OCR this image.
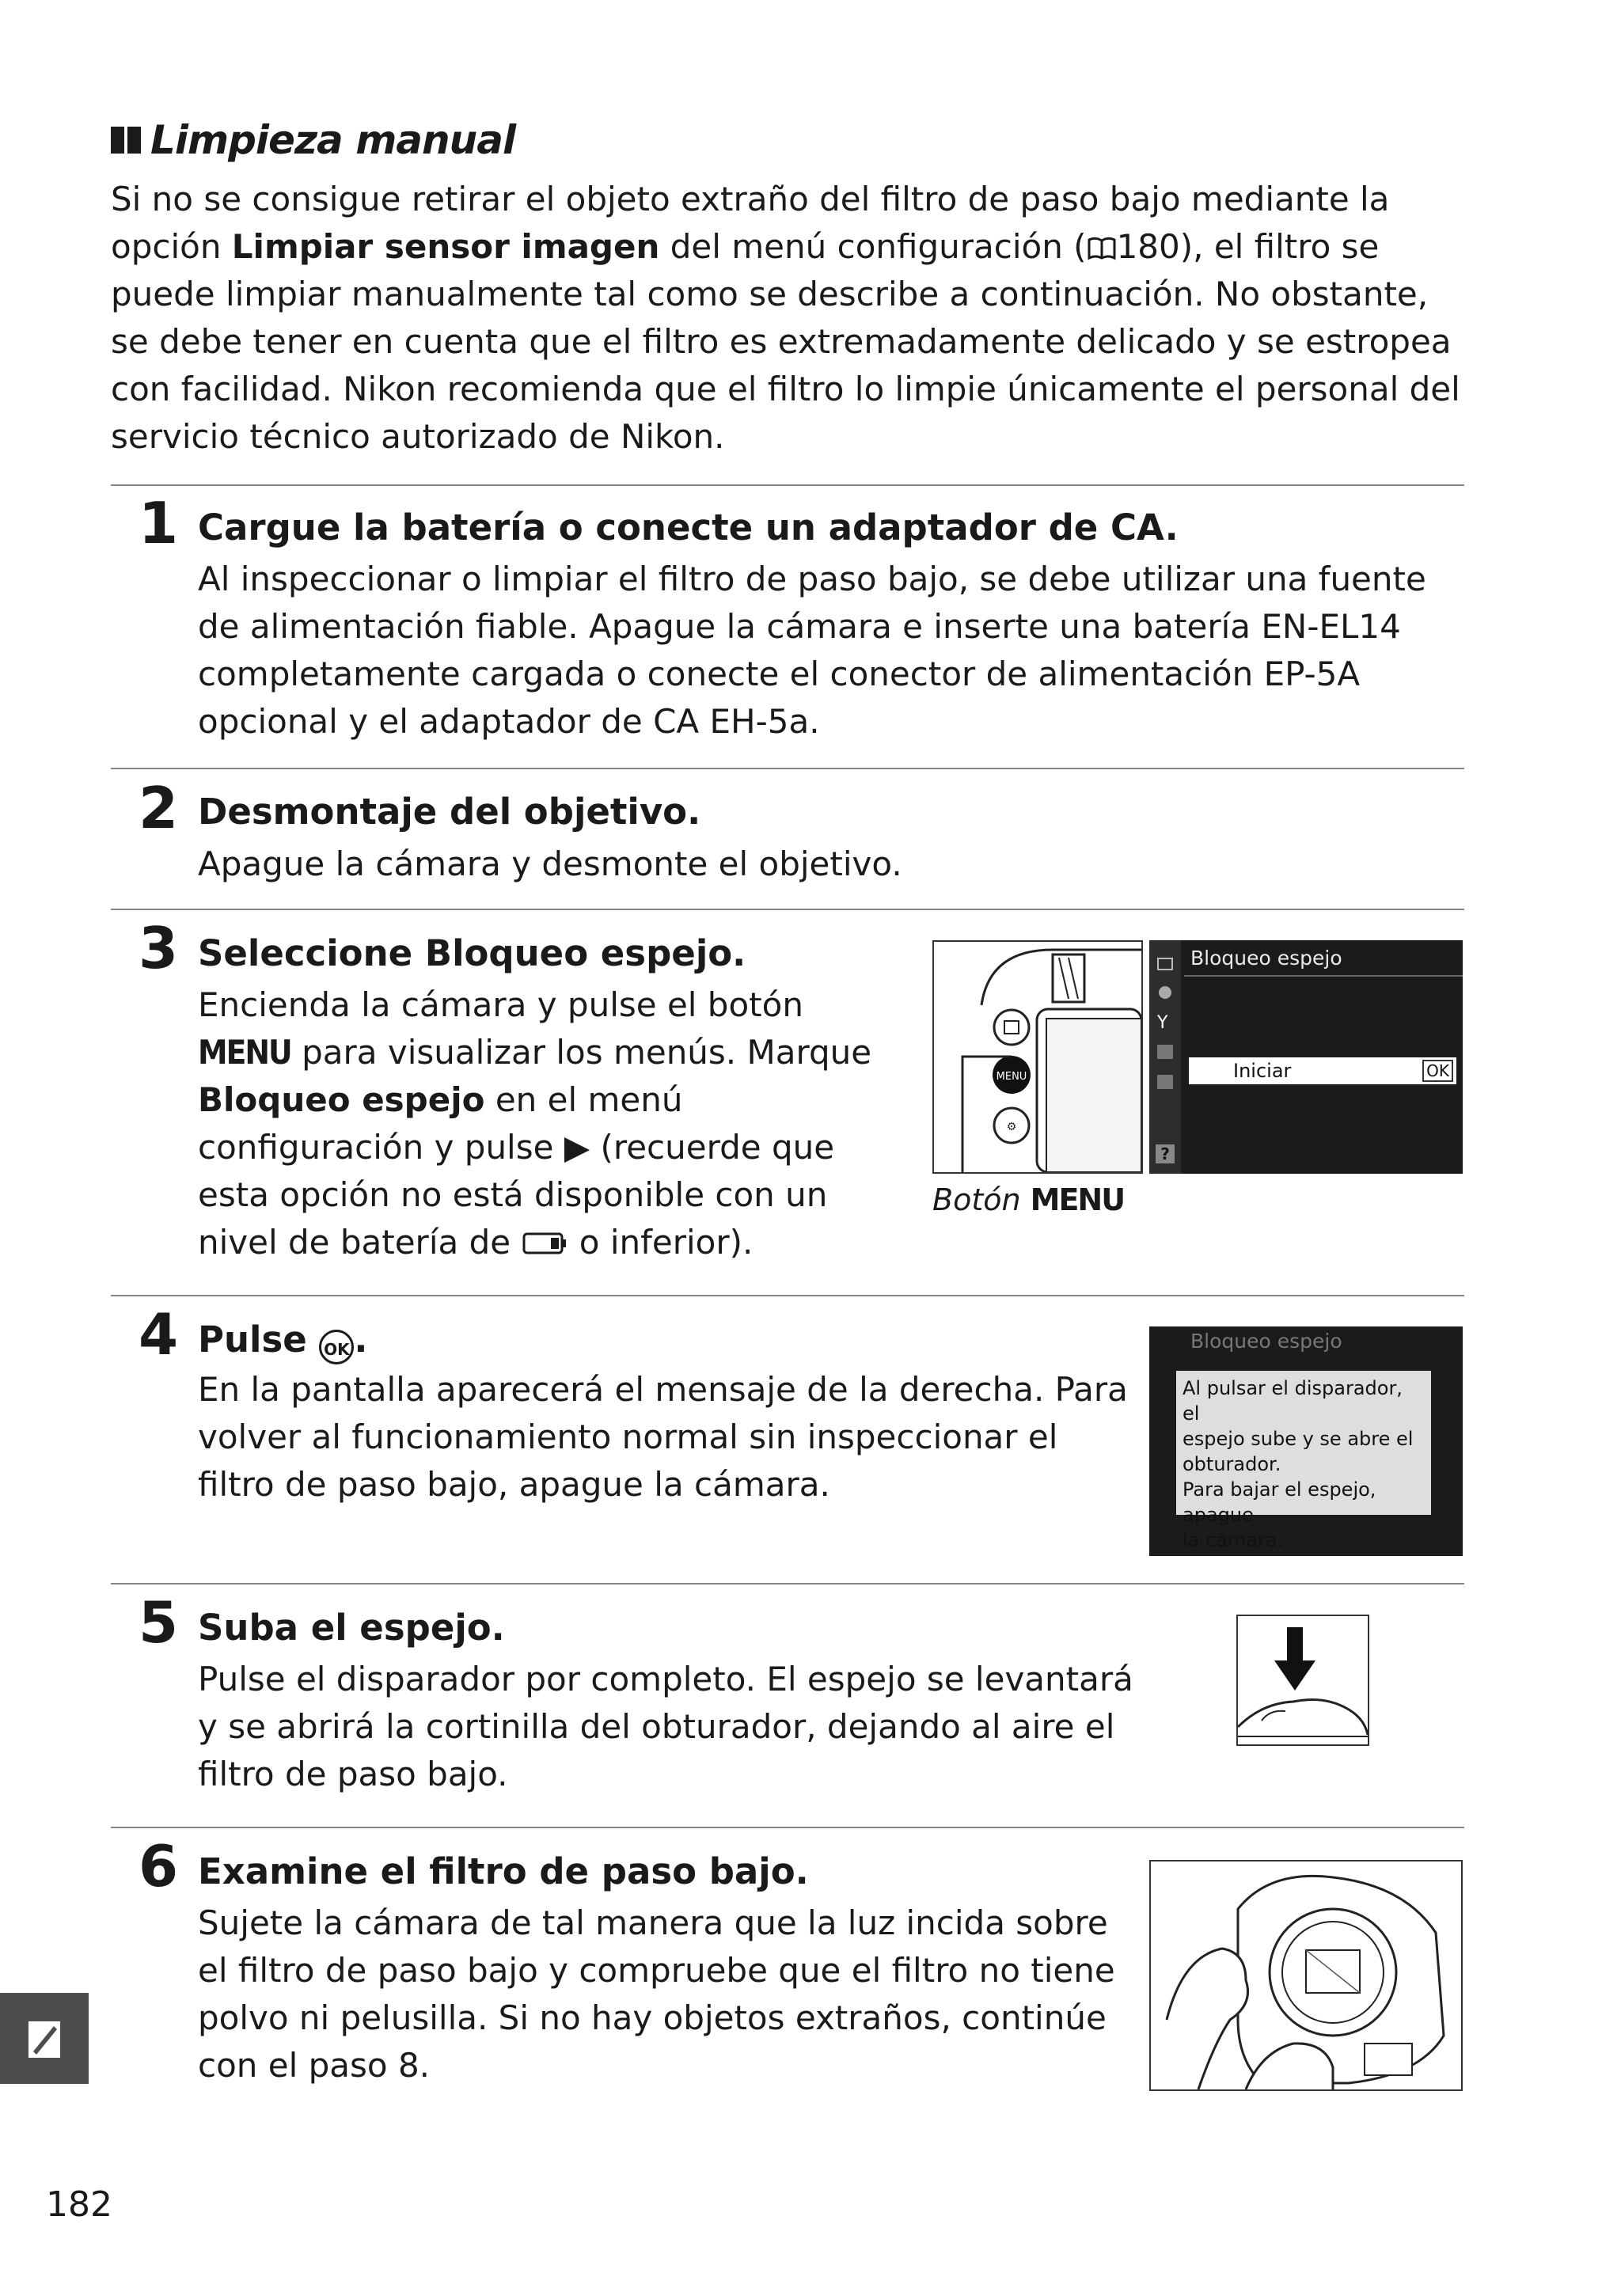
Limpieza manual
Si no se consigue retirar el objeto extraño del filtro de paso bajo mediante la opción Limpiar sensor imagen del menú configuración ( 180), el filtro se puede limpiar manualmente tal como se describe a continuación. No obstante, se debe tener en cuenta que el filtro es extremadamente delicado y se estropea con facilidad. Nikon recomienda que el filtro lo limpie únicamente el personal del servicio técnico autorizado de Nikon.
1 Cargue la batería o conecte un adaptador de CA.
Al inspeccionar o limpiar el filtro de paso bajo, se debe utilizar una fuente de alimentación fiable. Apague la cámara e inserte una batería EN-EL14 completamente cargada o conecte el conector de alimentación EP-5A opcional y el adaptador de CA EH-5a.
2 Desmontaje del objetivo.
Apague la cámara y desmonte el objetivo.
3 Seleccione Bloqueo espejo.
Encienda la cámara y pulse el botón MENU para visualizar los menús. Marque Bloqueo espejo en el menú configuración y pulse ▶ (recuerde que esta opción no está disponible con un nivel de batería de  o inferior).
MENU
⚙
Y
?
Bloqueo espejo
Iniciar	OK
Botón MENU
4 Pulse OK .
En la pantalla aparecerá el mensaje de la derecha. Para volver al funcionamiento normal sin inspeccionar el filtro de paso bajo, apague la cámara.
Bloqueo espejo
Al pulsar el disparador, el
espejo sube y se abre el
obturador.
Para bajar el espejo, apague
la cámara.
5 Suba el espejo.
Pulse el disparador por completo. El espejo se levantará y se abrirá la cortinilla del obturador, dejando al aire el filtro de paso bajo.
6 Examine el filtro de paso bajo.
Sujete la cámara de tal manera que la luz incida sobre el filtro de paso bajo y compruebe que el filtro no tiene polvo ni pelusilla. Si no hay objetos extraños, continúe con el paso 8.
182
